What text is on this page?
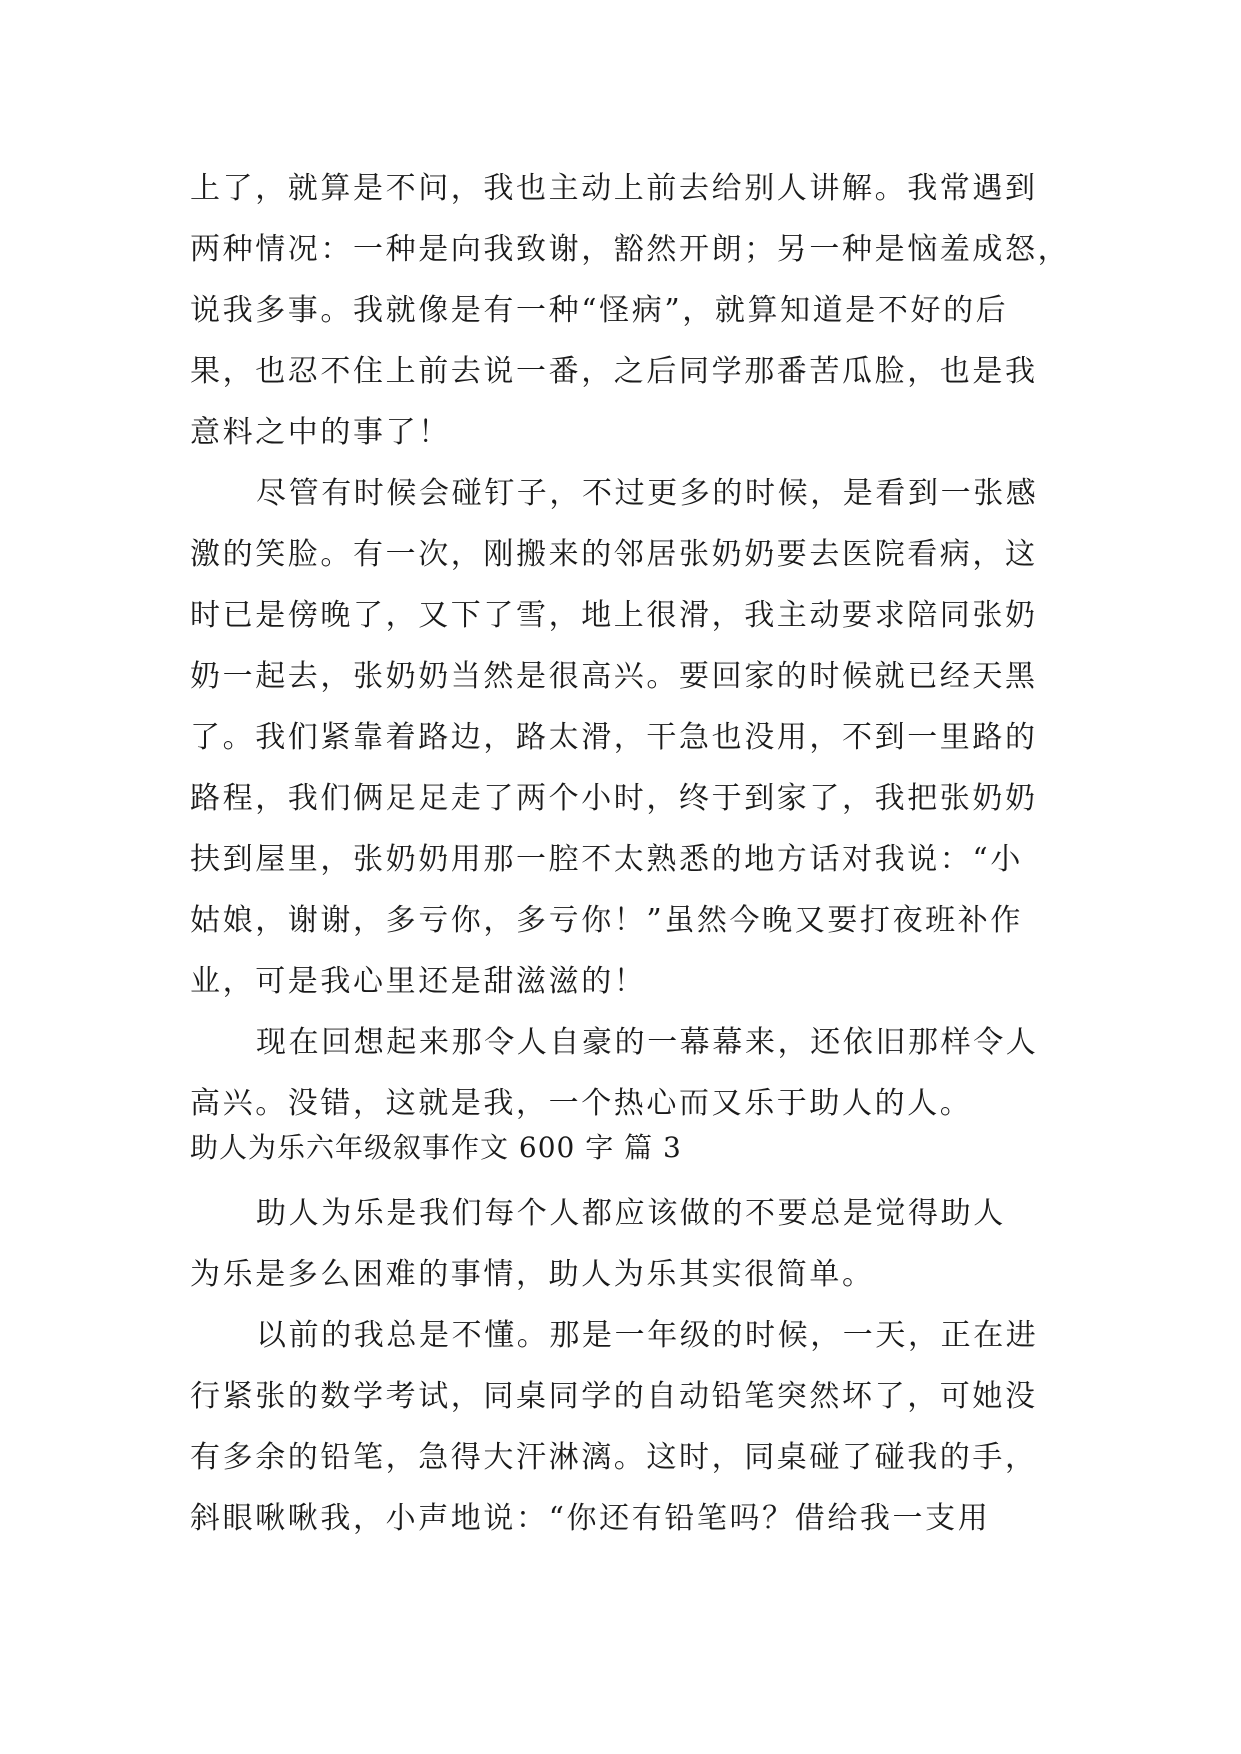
上了，就算是不问，我也主动上前去给别人讲解。我常遇到
两种情况：一种是向我致谢，豁然开朗；另一种是恼羞成怒，
说我多事。我就像是有一种“怪病”，就算知道是不好的后
果，也忍不住上前去说一番，之后同学那番苦瓜脸，也是我
意料之中的事了！
尽管有时候会碰钉子，不过更多的时候，是看到一张感
激的笑脸。有一次，刚搬来的邻居张奶奶要去医院看病，这
时已是傍晚了，又下了雪，地上很滑，我主动要求陪同张奶
奶一起去，张奶奶当然是很高兴。要回家的时候就已经天黑
了。我们紧靠着路边，路太滑，干急也没用，不到一里路的
路程，我们俩足足走了两个小时，终于到家了，我把张奶奶
扶到屋里，张奶奶用那一腔不太熟悉的地方话对我说：“小
姑娘，谢谢，多亏你，多亏你！”虽然今晚又要打夜班补作
业，可是我心里还是甜滋滋的！
现在回想起来那令人自豪的一幕幕来，还依旧那样令人
高兴。没错，这就是我，一个热心而又乐于助人的人。
助人为乐六年级叙事作文 600 字 篇 3
助人为乐是我们每个人都应该做的不要总是觉得助人
为乐是多么困难的事情，助人为乐其实很简单。
以前的我总是不懂。那是一年级的时候，一天，正在进
行紧张的数学考试，同桌同学的自动铅笔突然坏了，可她没
有多余的铅笔，急得大汗淋漓。这时，同桌碰了碰我的手，
斜眼啾啾我，小声地说：“你还有铅笔吗？借给我一支用
